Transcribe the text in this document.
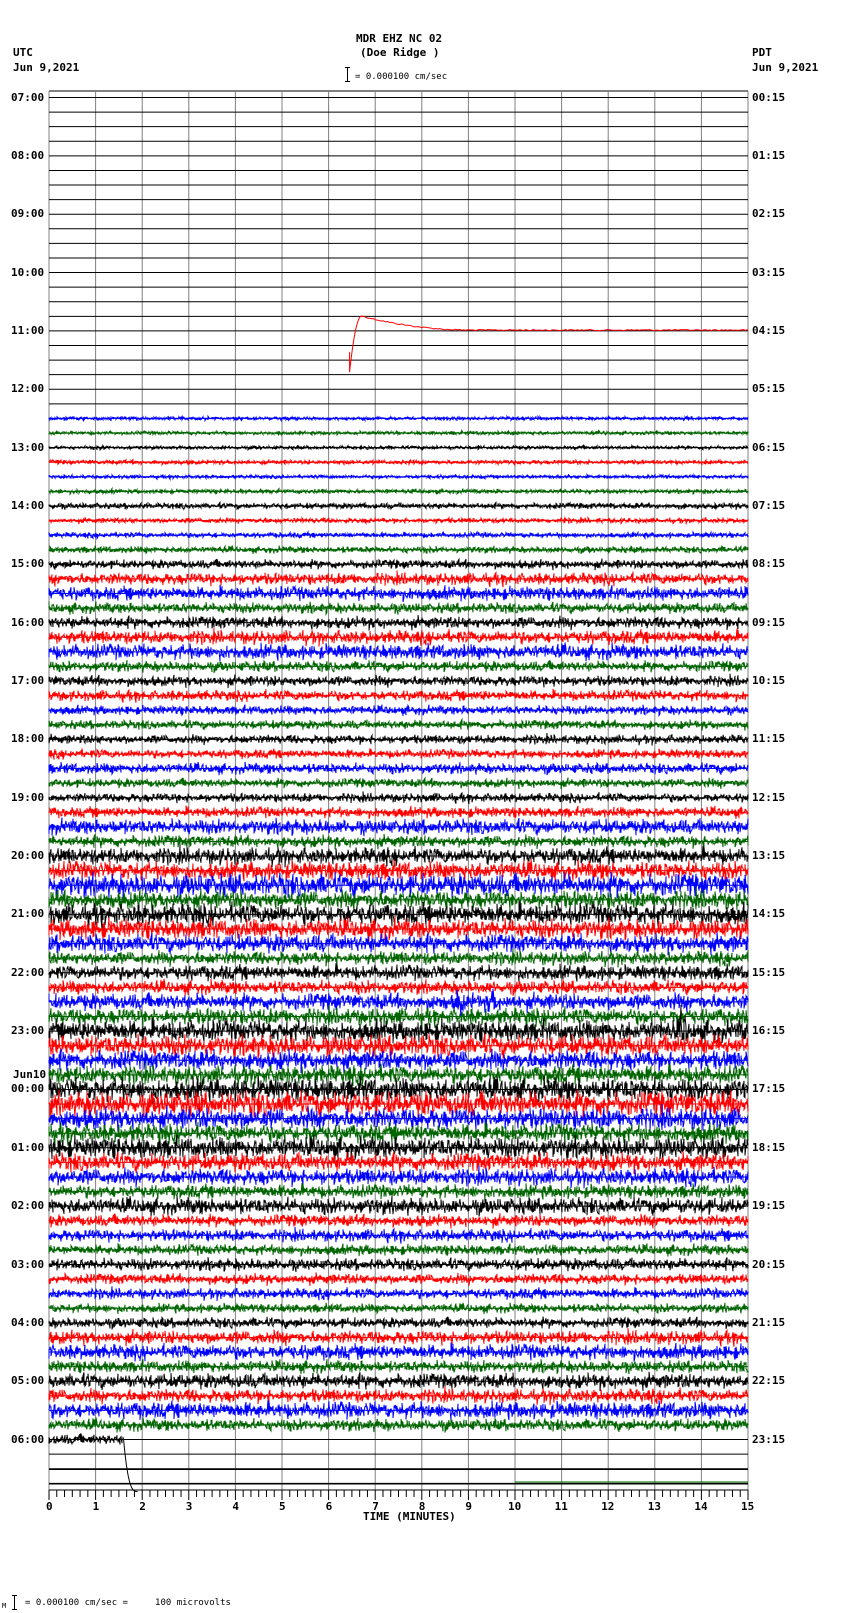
MDR EHZ NC 02
(Doe Ridge )
UTC
Jun 9,2021
PDT
Jun 9,2021
= 0.000100 cm/sec
07:00
08:00
09:00
10:00
11:00
12:00
13:00
14:00
15:00
16:00
17:00
18:00
19:00
20:00
21:00
22:00
23:00
00:00
Jun10
01:00
02:00
03:00
04:00
05:00
06:00
00:15
01:15
02:15
03:15
04:15
05:15
06:15
07:15
08:15
09:15
10:15
11:15
12:15
13:15
14:15
15:15
16:15
17:15
18:15
19:15
20:15
21:15
22:15
23:15
0	1	2	3	4	5	6	7	8	9	10	11	12	13	14	15
TIME (MINUTES)
M = 0.000100 cm/sec =     100 microvolts
